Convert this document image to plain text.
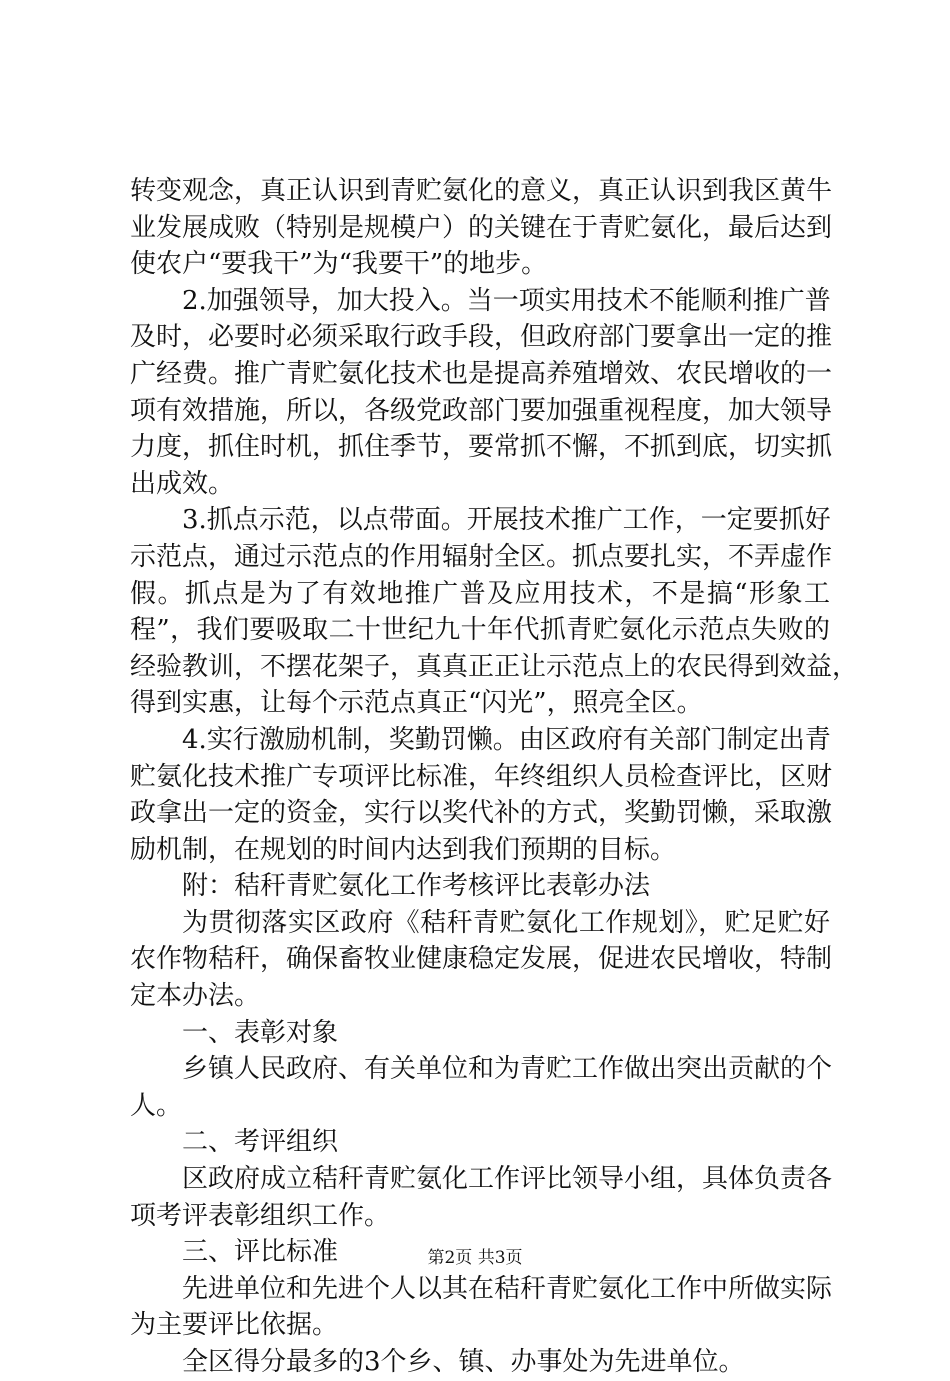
转变观念，真正认识到青贮氨化的意义，真正认识到我区黄牛
业发展成败（特别是规模户）的关键在于青贮氨化，最后达到
使农户“要我干”为“我要干”的地步。
2.加强领导，加大投入。当一项实用技术不能顺利推广普
及时，必要时必须采取行政手段，但政府部门要拿出一定的推
广经费。推广青贮氨化技术也是提高养殖增效、农民增收的一
项有效措施，所以，各级党政部门要加强重视程度，加大领导
力度，抓住时机，抓住季节，要常抓不懈，不抓到底，切实抓
出成效。
3.抓点示范，以点带面。开展技术推广工作，一定要抓好
示范点，通过示范点的作用辐射全区。抓点要扎实，不弄虚作
假。抓点是为了有效地推广普及应用技术，不是搞“形象工
程”，我们要吸取二十世纪九十年代抓青贮氨化示范点失败的
经验教训，不摆花架子，真真正正让示范点上的农民得到效益，
得到实惠，让每个示范点真正“闪光”，照亮全区。
4.实行激励机制，奖勤罚懒。由区政府有关部门制定出青
贮氨化技术推广专项评比标准，年终组织人员检查评比，区财
政拿出一定的资金，实行以奖代补的方式，奖勤罚懒，采取激
励机制，在规划的时间内达到我们预期的目标。
附：秸秆青贮氨化工作考核评比表彰办法
为贯彻落实区政府《秸秆青贮氨化工作规划》，贮足贮好
农作物秸秆，确保畜牧业健康稳定发展，促进农民增收，特制
定本办法。
一、表彰对象
乡镇人民政府、有关单位和为青贮工作做出突出贡献的个
人。
二、考评组织
区政府成立秸秆青贮氨化工作评比领导小组，具体负责各
项考评表彰组织工作。
三、评比标准
先进单位和先进个人以其在秸秆青贮氨化工作中所做实际
为主要评比依据。
全区得分最多的3个乡、镇、办事处为先进单位。
第2页 共3页
